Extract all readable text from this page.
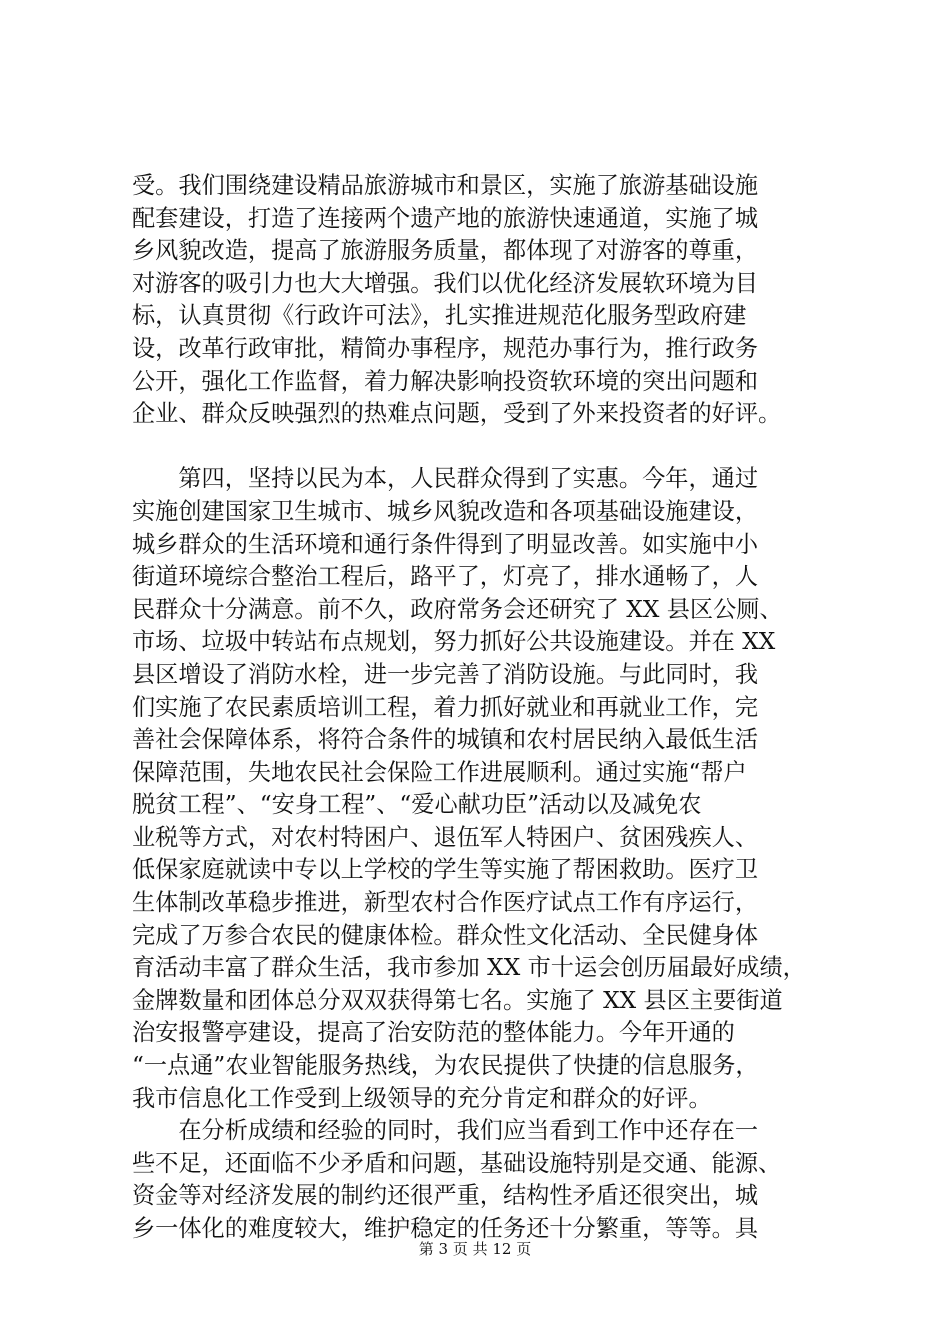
受。我们围绕建设精品旅游城市和景区，实施了旅游基础设施
配套建设，打造了连接两个遗产地的旅游快速通道，实施了城
乡风貌改造，提高了旅游服务质量，都体现了对游客的尊重，
对游客的吸引力也大大增强。我们以优化经济发展软环境为目
标，认真贯彻《行政许可法》，扎实推进规范化服务型政府建
设，改革行政审批，精简办事程序，规范办事行为，推行政务
公开，强化工作监督，着力解决影响投资软环境的突出问题和
企业、群众反映强烈的热难点问题，受到了外来投资者的好评。
　　第四，坚持以民为本，人民群众得到了实惠。今年，通过
实施创建国家卫生城市、城乡风貌改造和各项基础设施建设，
城乡群众的生活环境和通行条件得到了明显改善。如实施中小
街道环境综合整治工程后，路平了，灯亮了，排水通畅了，人
民群众十分满意。前不久，政府常务会还研究了 XX 县区公厕、
市场、垃圾中转站布点规划，努力抓好公共设施建设。并在 XX
县区增设了消防水栓，进一步完善了消防设施。与此同时，我
们实施了农民素质培训工程，着力抓好就业和再就业工作，完
善社会保障体系，将符合条件的城镇和农村居民纳入最低生活
保障范围，失地农民社会保险工作进展顺利。通过实施“帮户
脱贫工程”、“安身工程”、“爱心献功臣”活动以及减免农
业税等方式，对农村特困户、退伍军人特困户、贫困残疾人、
低保家庭就读中专以上学校的学生等实施了帮困救助。医疗卫
生体制改革稳步推进，新型农村合作医疗试点工作有序运行，
完成了万参合农民的健康体检。群众性文化活动、全民健身体
育活动丰富了群众生活，我市参加 XX 市十运会创历届最好成绩，
金牌数量和团体总分双双获得第七名。实施了 XX 县区主要街道
治安报警亭建设，提高了治安防范的整体能力。今年开通的
“一点通”农业智能服务热线，为农民提供了快捷的信息服务，
我市信息化工作受到上级领导的充分肯定和群众的好评。
　　在分析成绩和经验的同时，我们应当看到工作中还存在一
些不足，还面临不少矛盾和问题，基础设施特别是交通、能源、
资金等对经济发展的制约还很严重，结构性矛盾还很突出，城
乡一体化的难度较大，维护稳定的任务还十分繁重，等等。具
第 3 页 共 12 页
